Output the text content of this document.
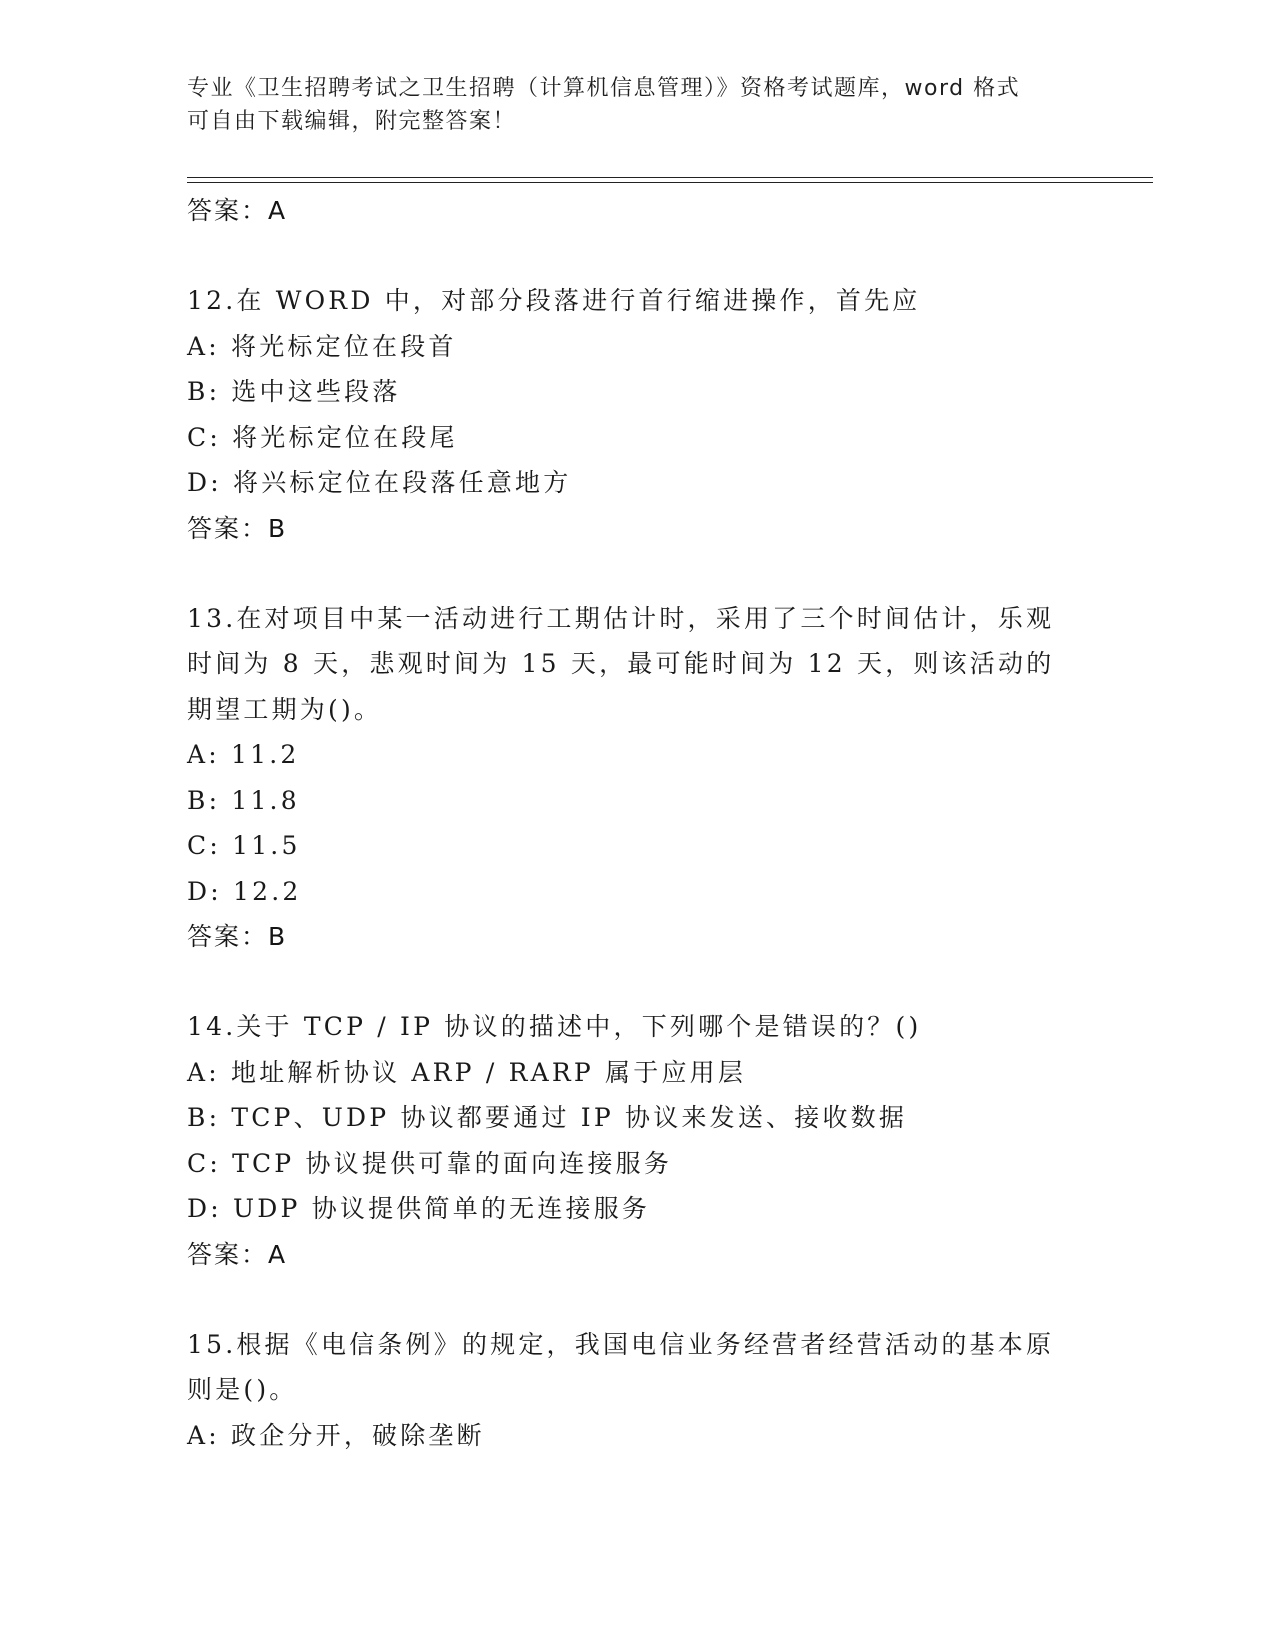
专业《卫生招聘考试之卫生招聘（计算机信息管理）》资格考试题库，word 格式
可自由下载编辑，附完整答案！

答案：A

12.在 WORD 中，对部分段落进行首行缩进操作，首先应

A: 将光标定位在段首

B: 选中这些段落

C: 将光标定位在段尾

D: 将兴标定位在段落任意地方

答案：B

13.在对项目中某一活动进行工期估计时，采用了三个时间估计，乐观时间为 8 天，悲观时间为 15 天，最可能时间为 12 天，则该活动的期望工期为()。

A: 11.2

B: 11.8

C: 11.5

D: 12.2

答案：B

14.关于 TCP / IP 协议的描述中，下列哪个是错误的？()

A: 地址解析协议 ARP / RARP 属于应用层

B: TCP、UDP 协议都要通过 IP 协议来发送、接收数据

C: TCP 协议提供可靠的面向连接服务

D: UDP 协议提供简单的无连接服务

答案：A

15.根据《电信条例》的规定，我国电信业务经营者经营活动的基本原则是()。

A: 政企分开，破除垄断
